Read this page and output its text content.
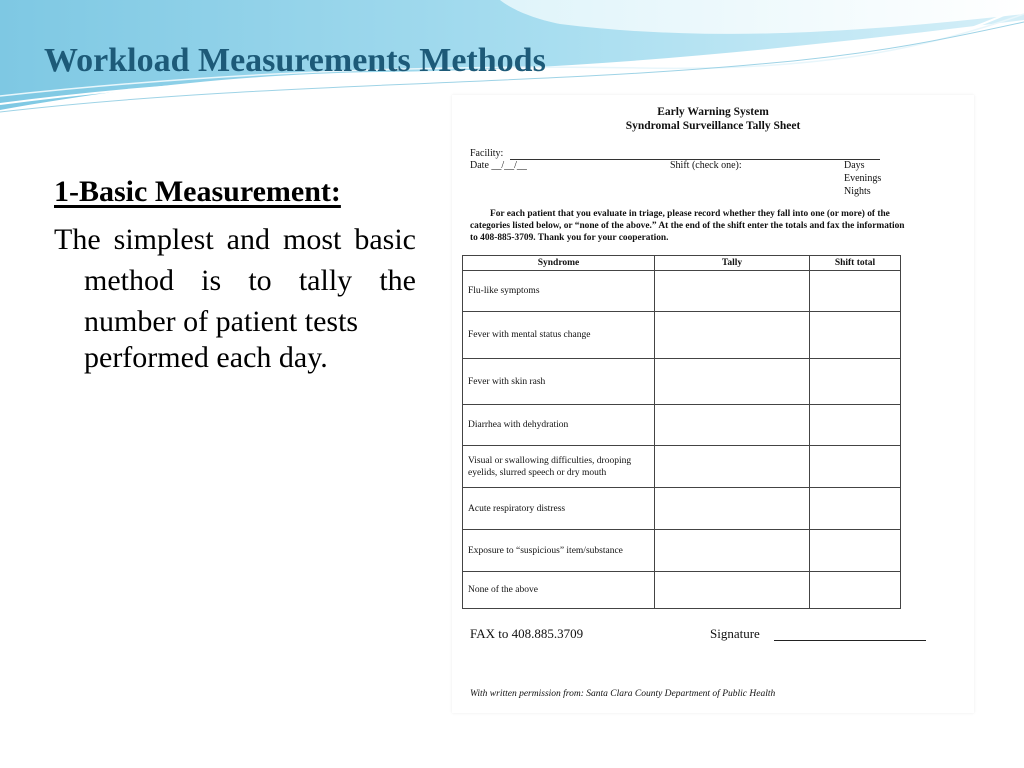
Workload Measurements Methods
1-Basic Measurement:

The simplest and most basic method is to tally the number of patient tests
performed each day.

Early Warning System
Syndromal Surveillance Tally Sheet
Facility:
Date __/__/__	Shift (check one):	Days
Evenings
Nights
For each patient that you evaluate in triage, please record whether they fall into one (or more) of the
categories listed below, or “none of the above.” At the end of the shift enter the totals and fax the information
to 408-885-3709. Thank you for your cooperation.
Syndrome	Tally	Shift total
Flu-like symptoms		
Fever with mental status change		
Fever with skin rash		
Diarrhea with dehydration		
Visual or swallowing difficulties, drooping eyelids, slurred speech or dry mouth		
Acute respiratory distress		
Exposure to “suspicious” item/substance		
None of the above		
FAX to 408.885.3709	Signature
With written permission from: Santa Clara County Department of Public Health
